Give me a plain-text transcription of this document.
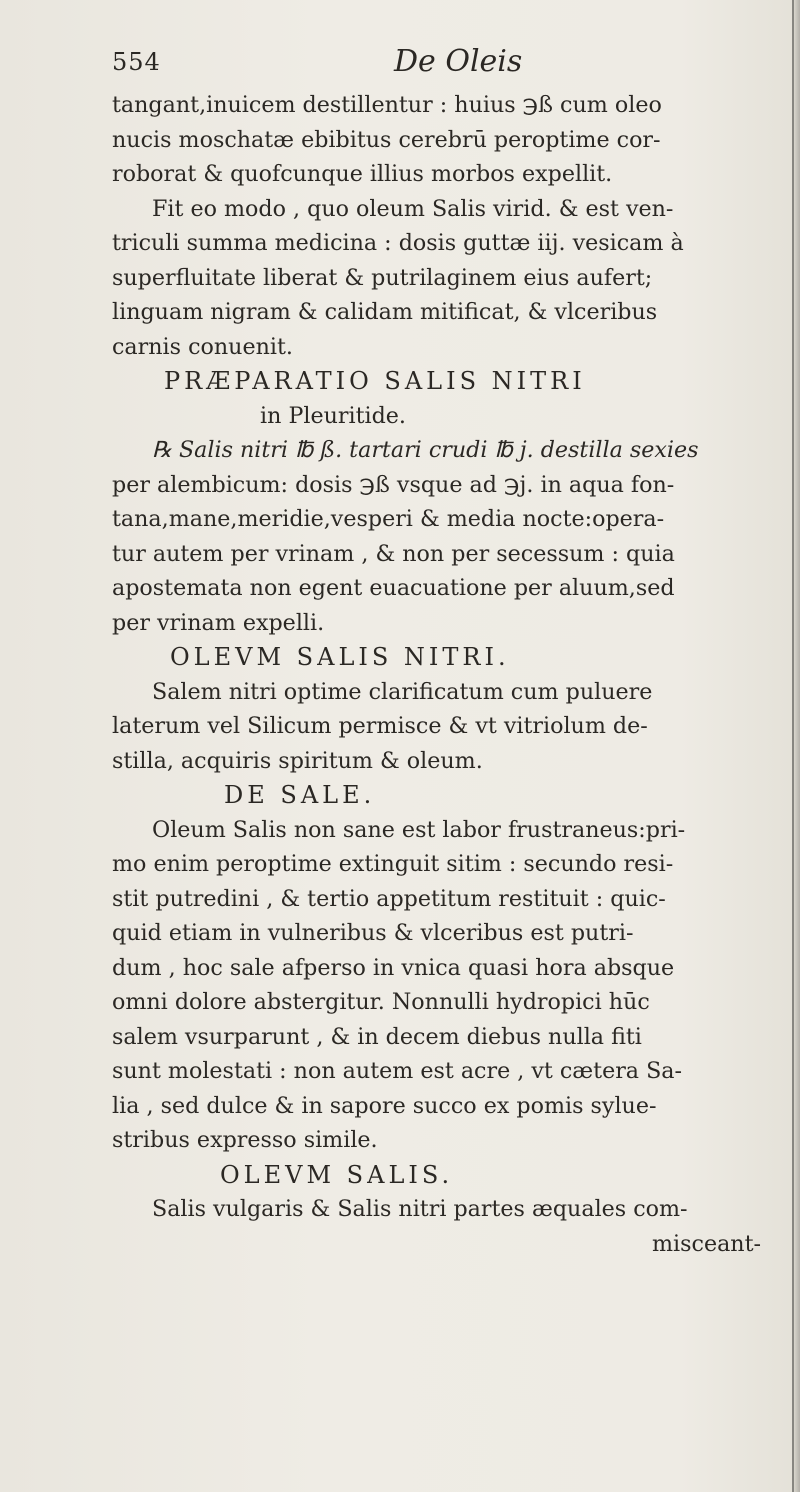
554	De Oleis
tangant,inuicem destillentur : huius ℈ß cum oleo
nucis moschatæ ebibitus cerebrū peroptime cor-
roborat & quofcunque illius morbos expellit.
Fit eo modo , quo oleum Salis virid. & est ven-
triculi summa medicina : dosis guttæ iij. vesicam à
superfluitate liberat & putrilaginem eius aufert;
linguam nigram & calidam mitificat, & vlceribus
carnis conuenit.
PRÆPARATIO SALIS NITRI
in Pleuritide.
℞ Salis nitri ℔ ß. tartari crudi ℔ j. destilla sexies
per alembicum: dosis ℈ß vsque ad ℈j. in aqua fon-
tana,mane,meridie,vesperi & media nocte:opera-
tur autem per vrinam , & non per secessum : quia
apostemata non egent euacuatione per aluum,sed
per vrinam expelli.
OLEVM SALIS NITRI.
Salem nitri optime clarificatum cum puluere
laterum vel Silicum permisce & vt vitriolum de-
stilla, acquiris spiritum & oleum.
DE SALE.
Oleum Salis non sane est labor frustraneus:pri-
mo enim peroptime extinguit sitim : secundo resi-
stit putredini , & tertio appetitum restituit : quic-
quid etiam in vulneribus & vlceribus est putri-
dum , hoc sale afperso in vnica quasi hora absque
omni dolore abstergitur. Nonnulli hydropici hūc
salem vsurparunt , & in decem diebus nulla fiti
sunt molestati : non autem est acre , vt cætera Sa-
lia , sed dulce & in sapore succo ex pomis sylue-
stribus expresso simile.
OLEVM SALIS.
Salis vulgaris & Salis nitri partes æquales com-
misceant-
